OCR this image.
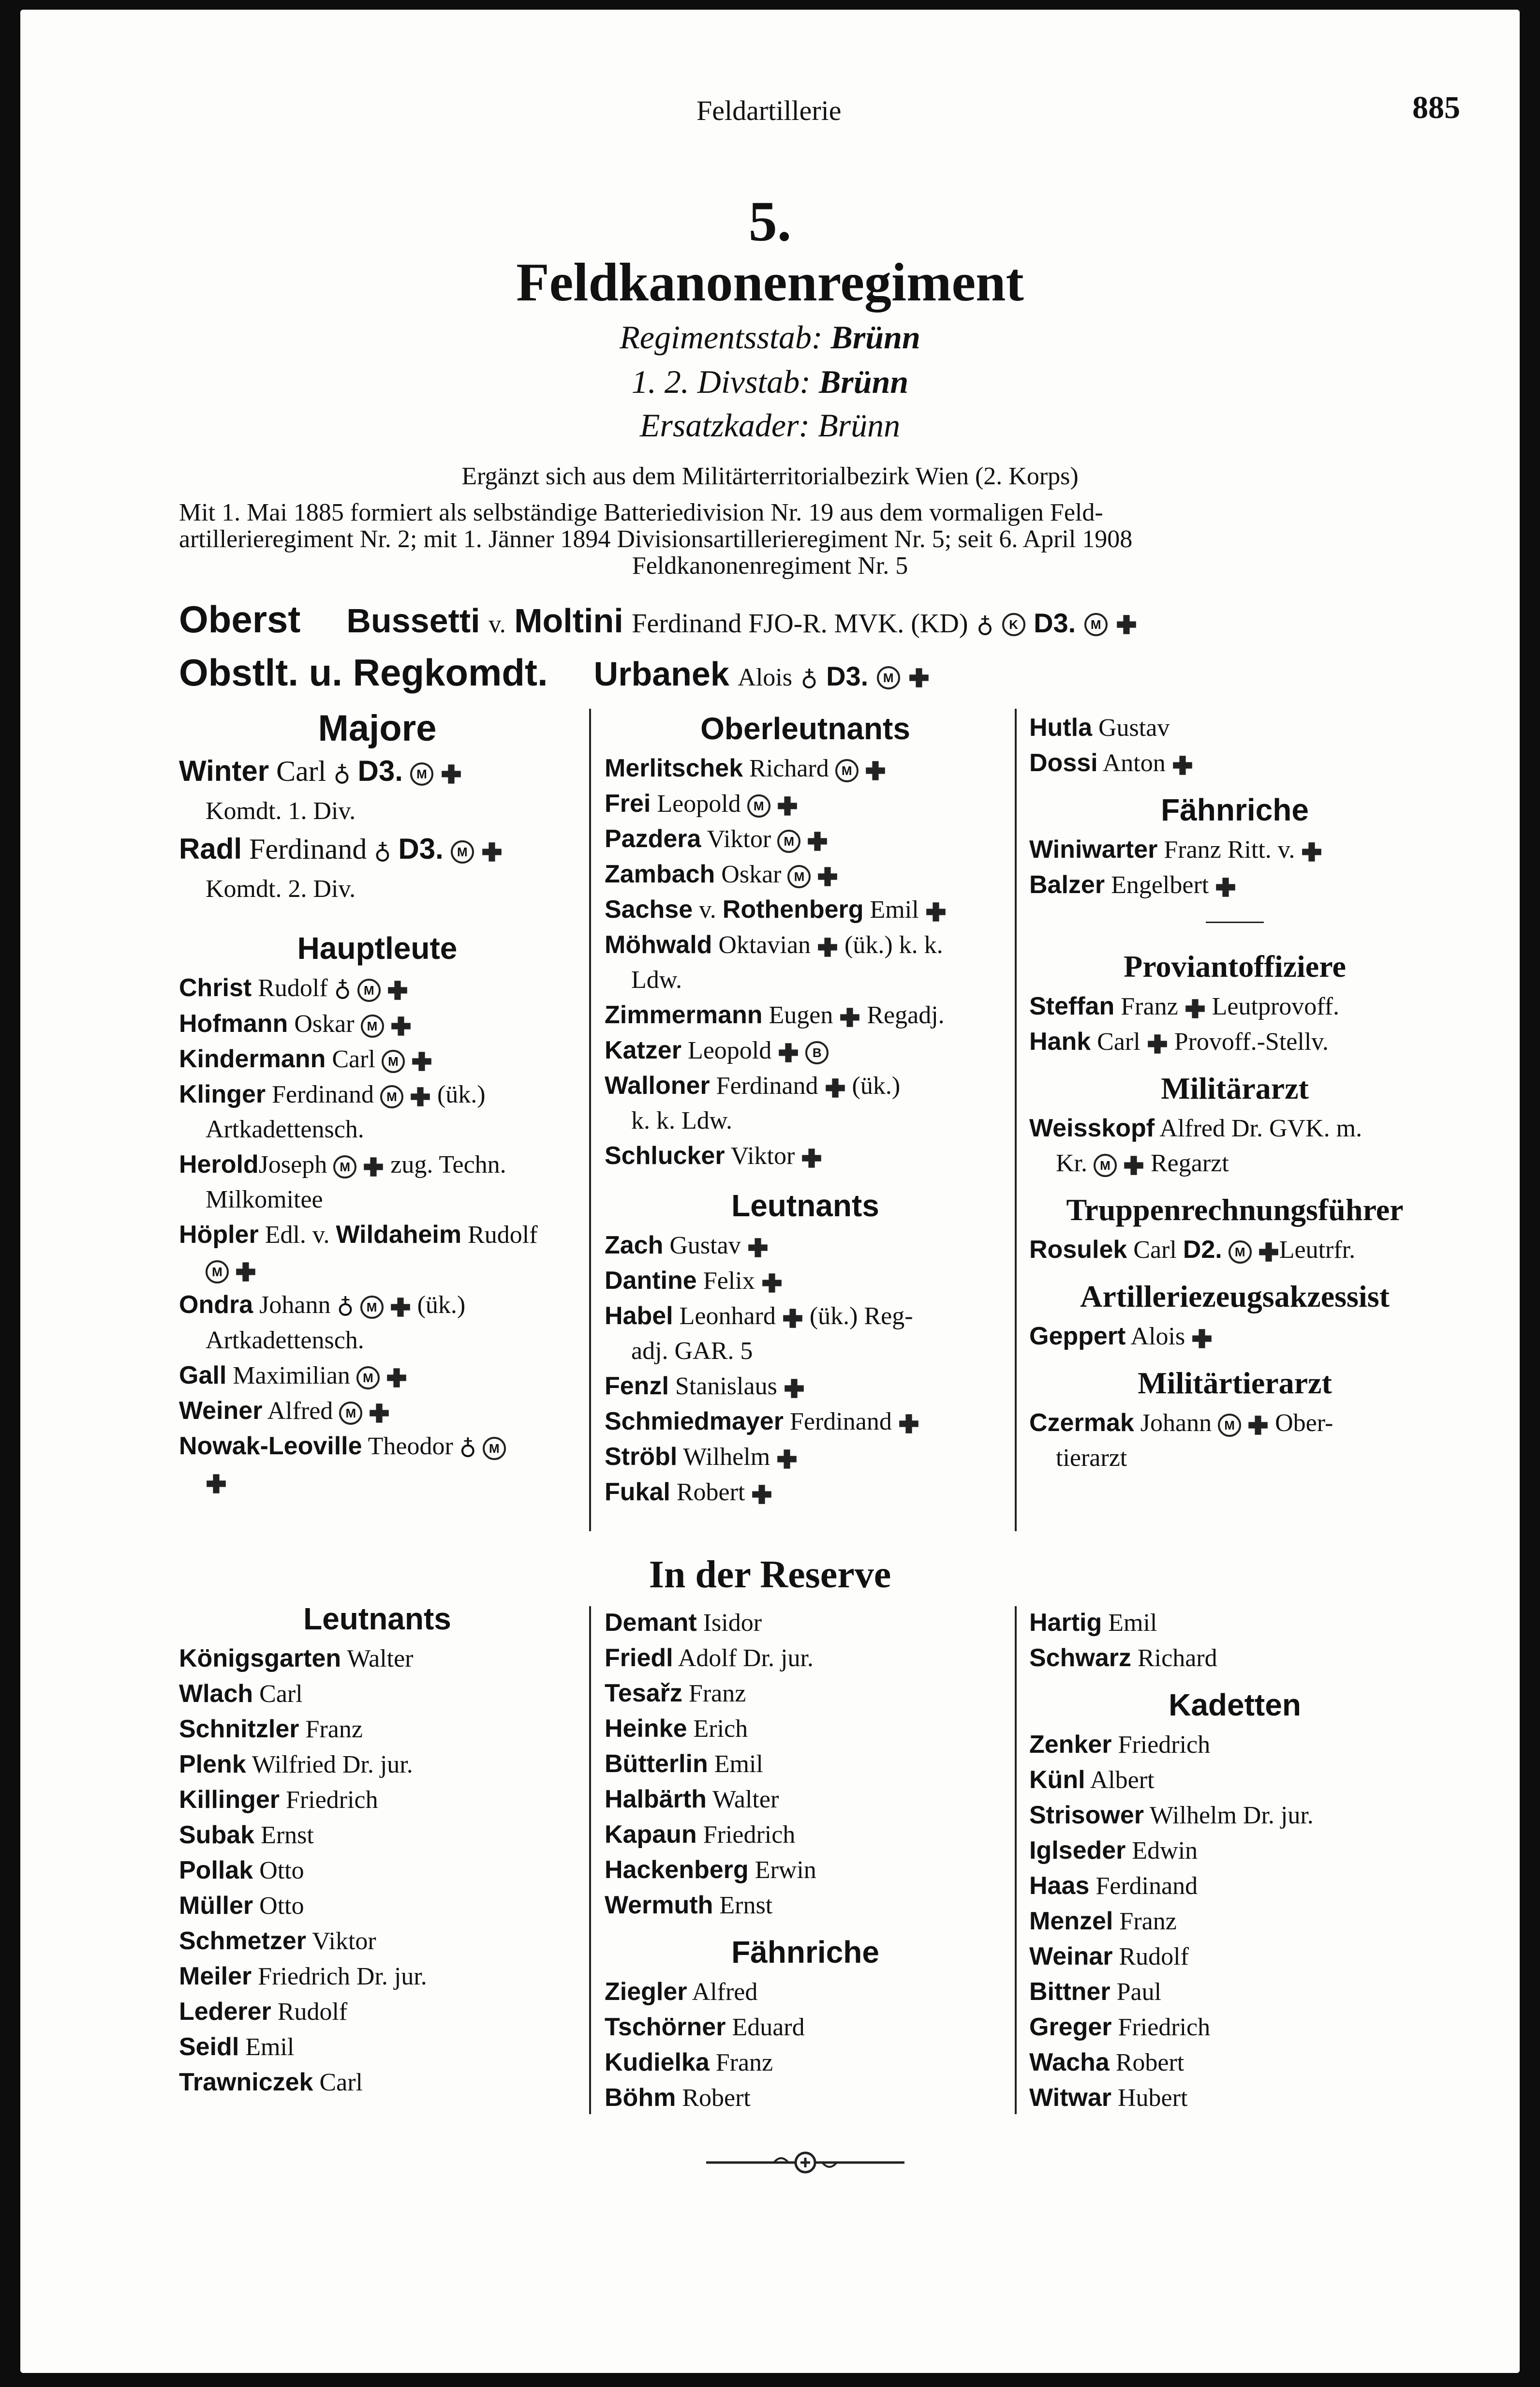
Feldartillerie	885
5.
Feldkanonenregiment
Regimentsstab: Brünn
1. 2. Divstab: Brünn
Ersatzkader: Brünn
Ergänzt sich aus dem Militärterritorialbezirk Wien (2. Korps)
Mit 1. Mai 1885 formiert als selbständige Batteriedivision Nr. 19 aus dem vormaligen Feld-
artillerieregiment Nr. 2; mit 1. Jänner 1894 Divisionsartillerieregiment Nr. 5; seit 6. April 1908
Feldkanonenregiment Nr. 5
Oberst Bussetti v. Moltini Ferdinand FJO-R. MVK. (KD) ♁ K D3. M
Obstlt. u. Regkomdt. Urbanek Alois ♁ D3. M
Majore
Winter Carl ♁ D3. M
Komdt. 1. Div.
Radl Ferdinand ♁ D3. M
Komdt. 2. Div.
Hauptleute
Christ Rudolf ♁ M
Hofmann Oskar M
Kindermann Carl M
Klinger Ferdinand M (ük.)
Artkadettensch.
HeroldJoseph M zug. Techn.
Milkomitee
Höpler Edl. v. Wildaheim Rudolf
M
Ondra Johann ♁ M (ük.)
Artkadettensch.
Gall Maximilian M
Weiner Alfred M
Nowak-Leoville Theodor ♁ M
Oberleutnants
Merlitschek Richard M
Frei Leopold M
Pazdera Viktor M
Zambach Oskar M
Sachse v. Rothenberg Emil
Möhwald Oktavian (ük.) k. k.
Ldw.
Zimmermann Eugen Regadj.
Katzer Leopold	B
Walloner Ferdinand (ük.)
k. k. Ldw.
Schlucker Viktor
Leutnants
Zach Gustav
Dantine Felix
Habel Leonhard (ük.) Reg-
adj. GAR. 5
Fenzl Stanislaus
Schmiedmayer Ferdinand
Ströbl Wilhelm
Fukal Robert
Hutla Gustav
Dossi Anton
Fähnriche
Winiwarter Franz Ritt. v.
Balzer Engelbert
Proviantoffiziere
Steffan Franz Leutprovoff.
Hank Carl Provoff.-Stellv.
Militärarzt
Weisskopf Alfred Dr. GVK. m.
Kr. M Regarzt
Truppenrechnungsführer
Rosulek Carl D2. M Leutrfr.
Artilleriezeugsakzessist
Geppert Alois
Militärtierarzt
Czermak Johann M Ober-
tierarzt
In der Reserve
Leutnants
Königsgarten Walter
Wlach Carl
Schnitzler Franz
Plenk Wilfried Dr. jur.
Killinger Friedrich
Subak Ernst
Pollak Otto
Müller Otto
Schmetzer Viktor
Meiler Friedrich Dr. jur.
Lederer Rudolf
Seidl Emil
Trawniczek Carl
Demant Isidor
Friedl Adolf Dr. jur.
Tesařz Franz
Heinke Erich
Bütterlin Emil
Halbärth Walter
Kapaun Friedrich
Hackenberg Erwin
Wermuth Ernst
Fähnriche
Ziegler Alfred
Tschörner Eduard
Kudielka Franz
Böhm Robert
Hartig Emil
Schwarz Richard
Kadetten
Zenker Friedrich
Künl Albert
Strisower Wilhelm Dr. jur.
Iglseder Edwin
Haas Ferdinand
Menzel Franz
Weinar Rudolf
Bittner Paul
Greger Friedrich
Wacha Robert
Witwar Hubert
